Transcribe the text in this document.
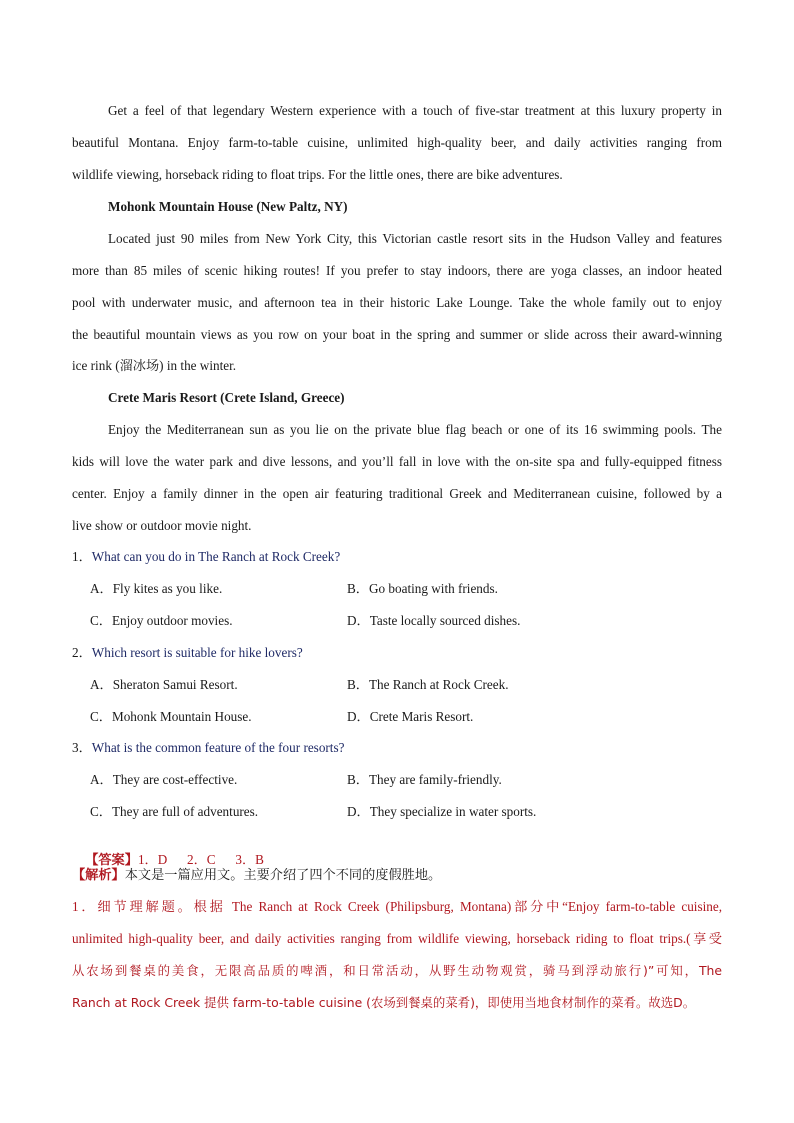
Get a feel of that legendary Western experience with a touch of five-star treatment at this luxury property in
beautiful Montana. Enjoy farm-to-table cuisine, unlimited high-quality beer, and daily activities ranging from
wildlife viewing, horseback riding to float trips. For the little ones, there are bike adventures.
Mohonk Mountain House (New Paltz, NY)
Located just 90 miles from New York City, this Victorian castle resort sits in the Hudson Valley and features
more than 85 miles of scenic hiking routes! If you prefer to stay indoors, there are yoga classes, an indoor heated
pool with underwater music, and afternoon tea in their historic Lake Lounge. Take the whole family out to enjoy
the beautiful mountain views as you row on your boat in the spring and summer or slide across their award-winning
ice rink (溜冰场) in the winter.
Crete Maris Resort (Crete Island, Greece)
Enjoy the Mediterranean sun as you lie on the private blue flag beach or one of its 16 swimming pools. The
kids will love the water park and dive lessons, and you’ll fall in love with the on-site spa and fully-equipped fitness
center. Enjoy a family dinner in the open air featuring traditional Greek and Mediterranean cuisine, followed by a
live show or outdoor movie night.
1．What can you do in The Ranch at Rock Creek?
A．Fly kites as you like.	B．Go boating with friends.
C．Enjoy outdoor movies.	D．Taste locally sourced dishes.
2．Which resort is suitable for hike lovers?
A．Sheraton Samui Resort.	B．The Ranch at Rock Creek.
C．Mohonk Mountain House.	D．Crete Maris Resort.
3．What is the common feature of the four resorts?
A．They are cost-effective.	B．They are family-friendly.
C．They are full of adventures.	D．They specialize in water sports.

【答案】1．D      2．C      3．B

【解析】本文是一篇应用文。主要介绍了四个不同的度假胜地。
1．细节理解题。根据 The Ranch at Rock Creek (Philipsburg, Montana)部分中“Enjoy farm-to-table cuisine,
unlimited high-quality beer, and daily activities ranging from wildlife viewing, horseback riding to float trips.(享受
从农场到餐桌的美食，无限高品质的啤酒，和日常活动，从野生动物观赏，骑马到浮动旅行)”可知，The
Ranch at Rock Creek 提供 farm-to-table cuisine (农场到餐桌的菜肴)，即使用当地食材制作的菜肴。故选D。
